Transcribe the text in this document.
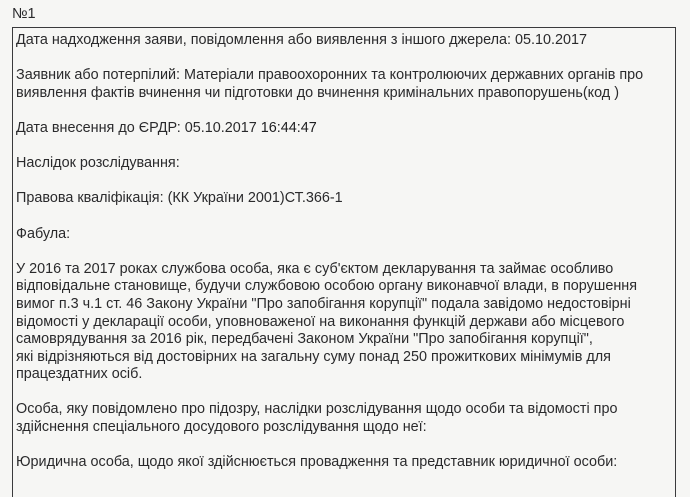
№1

Дата надходження заяви, повідомлення або виявлення з іншого джерела: 05.10.2017

Заявник або потерпілий: Матеріали правоохоронних та контролюючих державних органів про

виявлення фактів вчинення чи підготовки до вчинення кримінальних правопорушень(код )

Дата внесення до ЄРДР: 05.10.2017 16:44:47

Наслідок розслідування:

Правова кваліфікація: (КК України 2001)СТ.366-1

Фабула:

У 2016 та 2017 роках службова особа, яка є суб'єктом декларування та займає особливо

відповідальне становище, будучи службовою особою органу виконавчої влади, в порушення

вимог п.3 ч.1 ст. 46 Закону України "Про запобігання корупції" подала завідомо недостовірні

відомості у декларації особи, уповноваженої на виконання функцій держави або місцевого

самоврядування за 2016 рік, передбачені Законом України "Про запобігання корупції",

які відрізняються від достовірних на загальну суму понад 250 прожиткових мінімумів для

працездатних осіб.

Особа, яку повідомлено про підозру, наслідки розслідування щодо особи та відомості про

здійснення спеціального досудового розслідування щодо неї:

Юридична особа, щодо якої здійснюється провадження та представник юридичної особи:
